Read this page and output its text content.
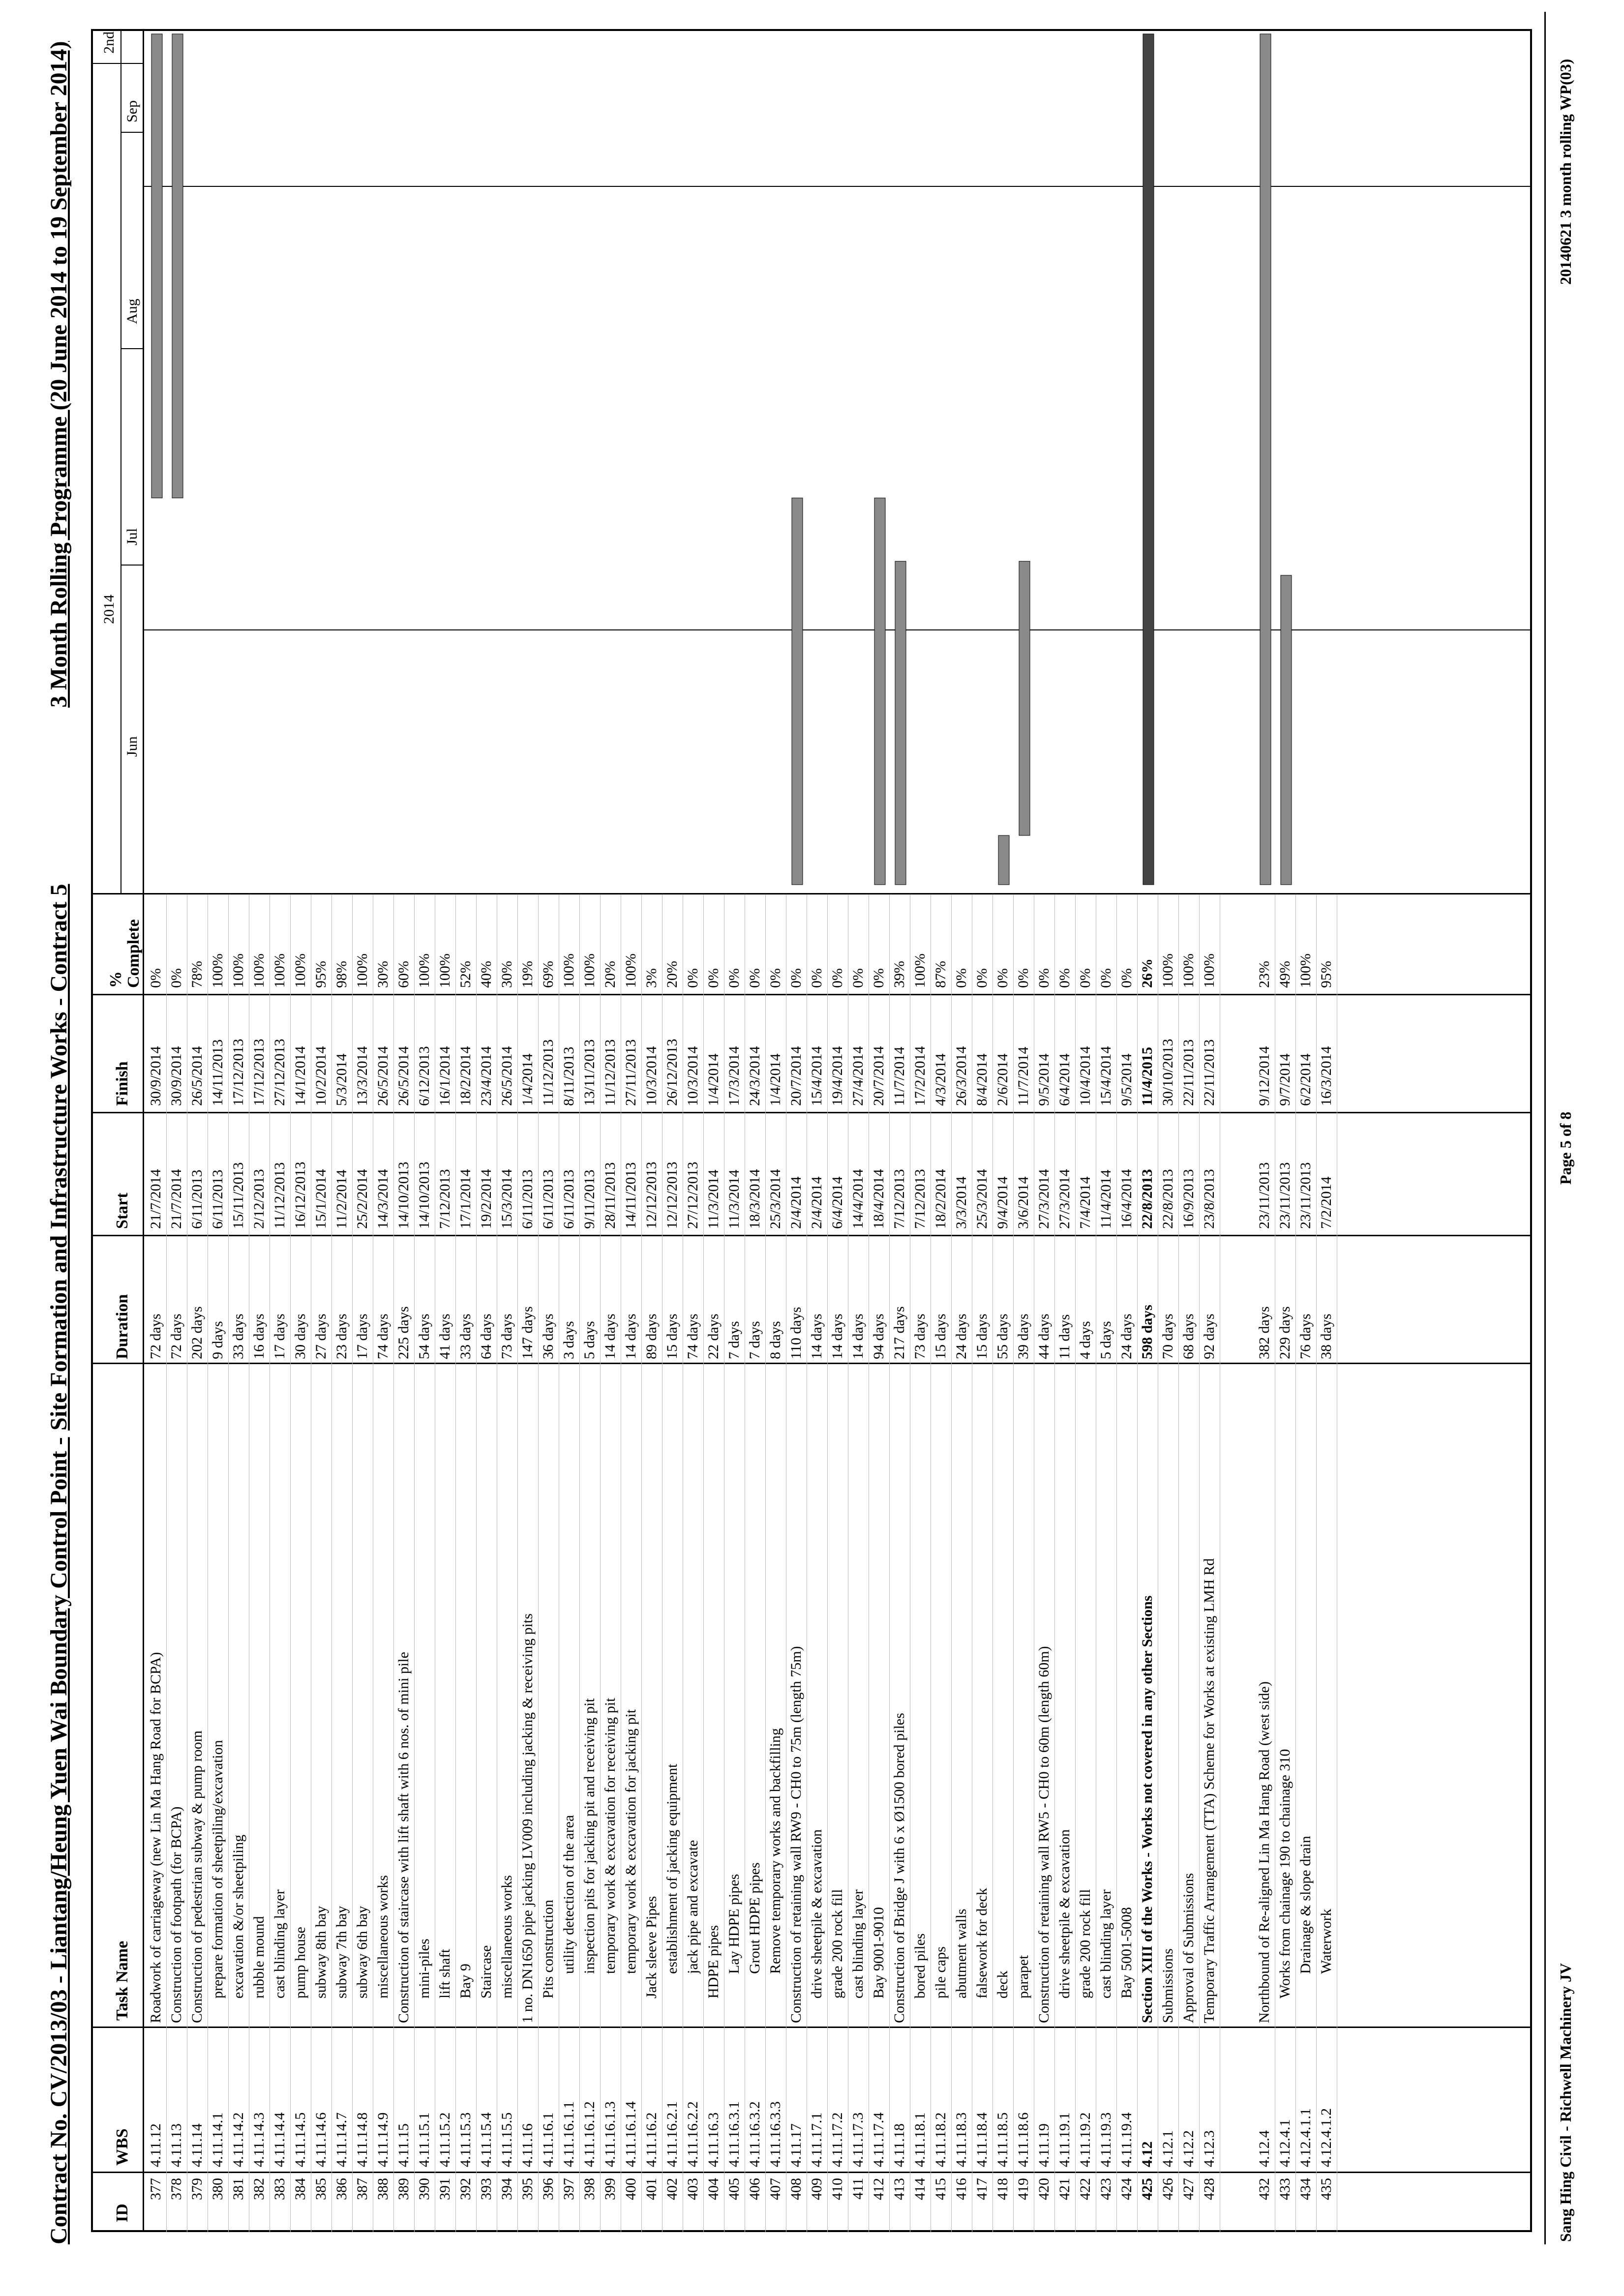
Contract No. CV/2013/03 - Liantang/Heung Yuen Wai Boundary Control Point -
Site Formation and Infrastructure Works - Contract 5
3 Month Rolling Programme (20 June 2014 to 19 September 2014)
ID
WBS
Task Name
Duration
Start
Finish
% Complete
2014
Jun
Jul
Aug
Sep
2nd
377
4.11.12
Roadwork of carriageway (new Lin Ma Hang Road for BCPA)
72 days
21/7/2014
30/9/2014
0%
378
4.11.13
Construction of footpath (for BCPA)
72 days
21/7/2014
30/9/2014
0%
379
4.11.14
Construction of pedestrian subway & pump room
202 days
6/11/2013
26/5/2014
78%
380
4.11.14.1
prepare formation of sheetpiling/excavation
9 days
6/11/2013
14/11/2013
100%
381
4.11.14.2
excavation &/or sheetpiling
33 days
15/11/2013
17/12/2013
100%
382
4.11.14.3
rubble mound
16 days
2/12/2013
17/12/2013
100%
383
4.11.14.4
cast blinding layer
17 days
11/12/2013
27/12/2013
100%
384
4.11.14.5
pump house
30 days
16/12/2013
14/1/2014
100%
385
4.11.14.6
subway 8th bay
27 days
15/1/2014
10/2/2014
95%
386
4.11.14.7
subway 7th bay
23 days
11/2/2014
5/3/2014
98%
387
4.11.14.8
subway 6th bay
17 days
25/2/2014
13/3/2014
100%
388
4.11.14.9
miscellaneous works
74 days
14/3/2014
26/5/2014
30%
389
4.11.15
Construction of staircase with lift shaft with 6 nos. of mini pile
225 days
14/10/2013
26/5/2014
60%
390
4.11.15.1
mini-piles
54 days
14/10/2013
6/12/2013
100%
391
4.11.15.2
lift shaft
41 days
7/12/2013
16/1/2014
100%
392
4.11.15.3
Bay 9
33 days
17/1/2014
18/2/2014
52%
393
4.11.15.4
Staircase
64 days
19/2/2014
23/4/2014
40%
394
4.11.15.5
miscellaneous works
73 days
15/3/2014
26/5/2014
30%
395
4.11.16
1 no. DN1650 pipe jacking LV009 including jacking & receiving pits
147 days
6/11/2013
1/4/2014
19%
396
4.11.16.1
Pits construction
36 days
6/11/2013
11/12/2013
69%
397
4.11.16.1.1
utility detection of the area
3 days
6/11/2013
8/11/2013
100%
398
4.11.16.1.2
inspection pits for jacking pit and receiving pit
5 days
9/11/2013
13/11/2013
100%
399
4.11.16.1.3
temporary work & excavation for receiving pit
14 days
28/11/2013
11/12/2013
20%
400
4.11.16.1.4
temporary work & excavation for jacking pit
14 days
14/11/2013
27/11/2013
100%
401
4.11.16.2
Jack sleeve Pipes
89 days
12/12/2013
10/3/2014
3%
402
4.11.16.2.1
establishment of jacking equipment
15 days
12/12/2013
26/12/2013
20%
403
4.11.16.2.2
jack pipe and excavate
74 days
27/12/2013
10/3/2014
0%
404
4.11.16.3
HDPE pipes
22 days
11/3/2014
1/4/2014
0%
405
4.11.16.3.1
Lay HDPE pipes
7 days
11/3/2014
17/3/2014
0%
406
4.11.16.3.2
Grout HDPE pipes
7 days
18/3/2014
24/3/2014
0%
407
4.11.16.3.3
Remove temporary works and backfilling
8 days
25/3/2014
1/4/2014
0%
408
4.11.17
Construction of retaining wall RW9 - CH0 to 75m (length 75m)
110 days
2/4/2014
20/7/2014
0%
409
4.11.17.1
drive sheetpile & excavation
14 days
2/4/2014
15/4/2014
0%
410
4.11.17.2
grade 200 rock fill
14 days
6/4/2014
19/4/2014
0%
411
4.11.17.3
cast blinding layer
14 days
14/4/2014
27/4/2014
0%
412
4.11.17.4
Bay 9001-9010
94 days
18/4/2014
20/7/2014
0%
413
4.11.18
Construction of Bridge J with 6 x Ø1500 bored piles
217 days
7/12/2013
11/7/2014
39%
414
4.11.18.1
bored piles
73 days
7/12/2013
17/2/2014
100%
415
4.11.18.2
pile caps
15 days
18/2/2014
4/3/2014
87%
416
4.11.18.3
abutment walls
24 days
3/3/2014
26/3/2014
0%
417
4.11.18.4
falsework for deck
15 days
25/3/2014
8/4/2014
0%
418
4.11.18.5
deck
55 days
9/4/2014
2/6/2014
0%
419
4.11.18.6
parapet
39 days
3/6/2014
11/7/2014
0%
420
4.11.19
Construction of retaining wall RW5 - CH0 to 60m (length 60m)
44 days
27/3/2014
9/5/2014
0%
421
4.11.19.1
drive sheetpile & excavation
11 days
27/3/2014
6/4/2014
0%
422
4.11.19.2
grade 200 rock fill
4 days
7/4/2014
10/4/2014
0%
423
4.11.19.3
cast blinding layer
5 days
11/4/2014
15/4/2014
0%
424
4.11.19.4
Bay 5001-5008
24 days
16/4/2014
9/5/2014
0%
425
4.12
Section XIII of the Works - Works not covered in any other Sections
598 days
22/8/2013
11/4/2015
26%
426
4.12.1
Submissions
70 days
22/8/2013
30/10/2013
100%
427
4.12.2
Approval of Submissions
68 days
16/9/2013
22/11/2013
100%
428
4.12.3
Temporary Traffic Arrangement (TTA) Scheme for Works at existing LMH Rd
92 days
23/8/2013
22/11/2013
100%
432
4.12.4
Northbound of Re-aligned Lin Ma Hang Road (west side)
382 days
23/11/2013
9/12/2014
23%
433
4.12.4.1
Works from chainage 190 to chainage 310
229 days
23/11/2013
9/7/2014
49%
434
4.12.4.1.1
Drainage & slope drain
76 days
23/11/2013
6/2/2014
100%
435
4.12.4.1.2
Waterwork
38 days
7/2/2014
16/3/2014
95%
Sang Hing Civil - Richwell Machinery JV
Page 5 of 8
20140621 3 month rolling WP(03)
